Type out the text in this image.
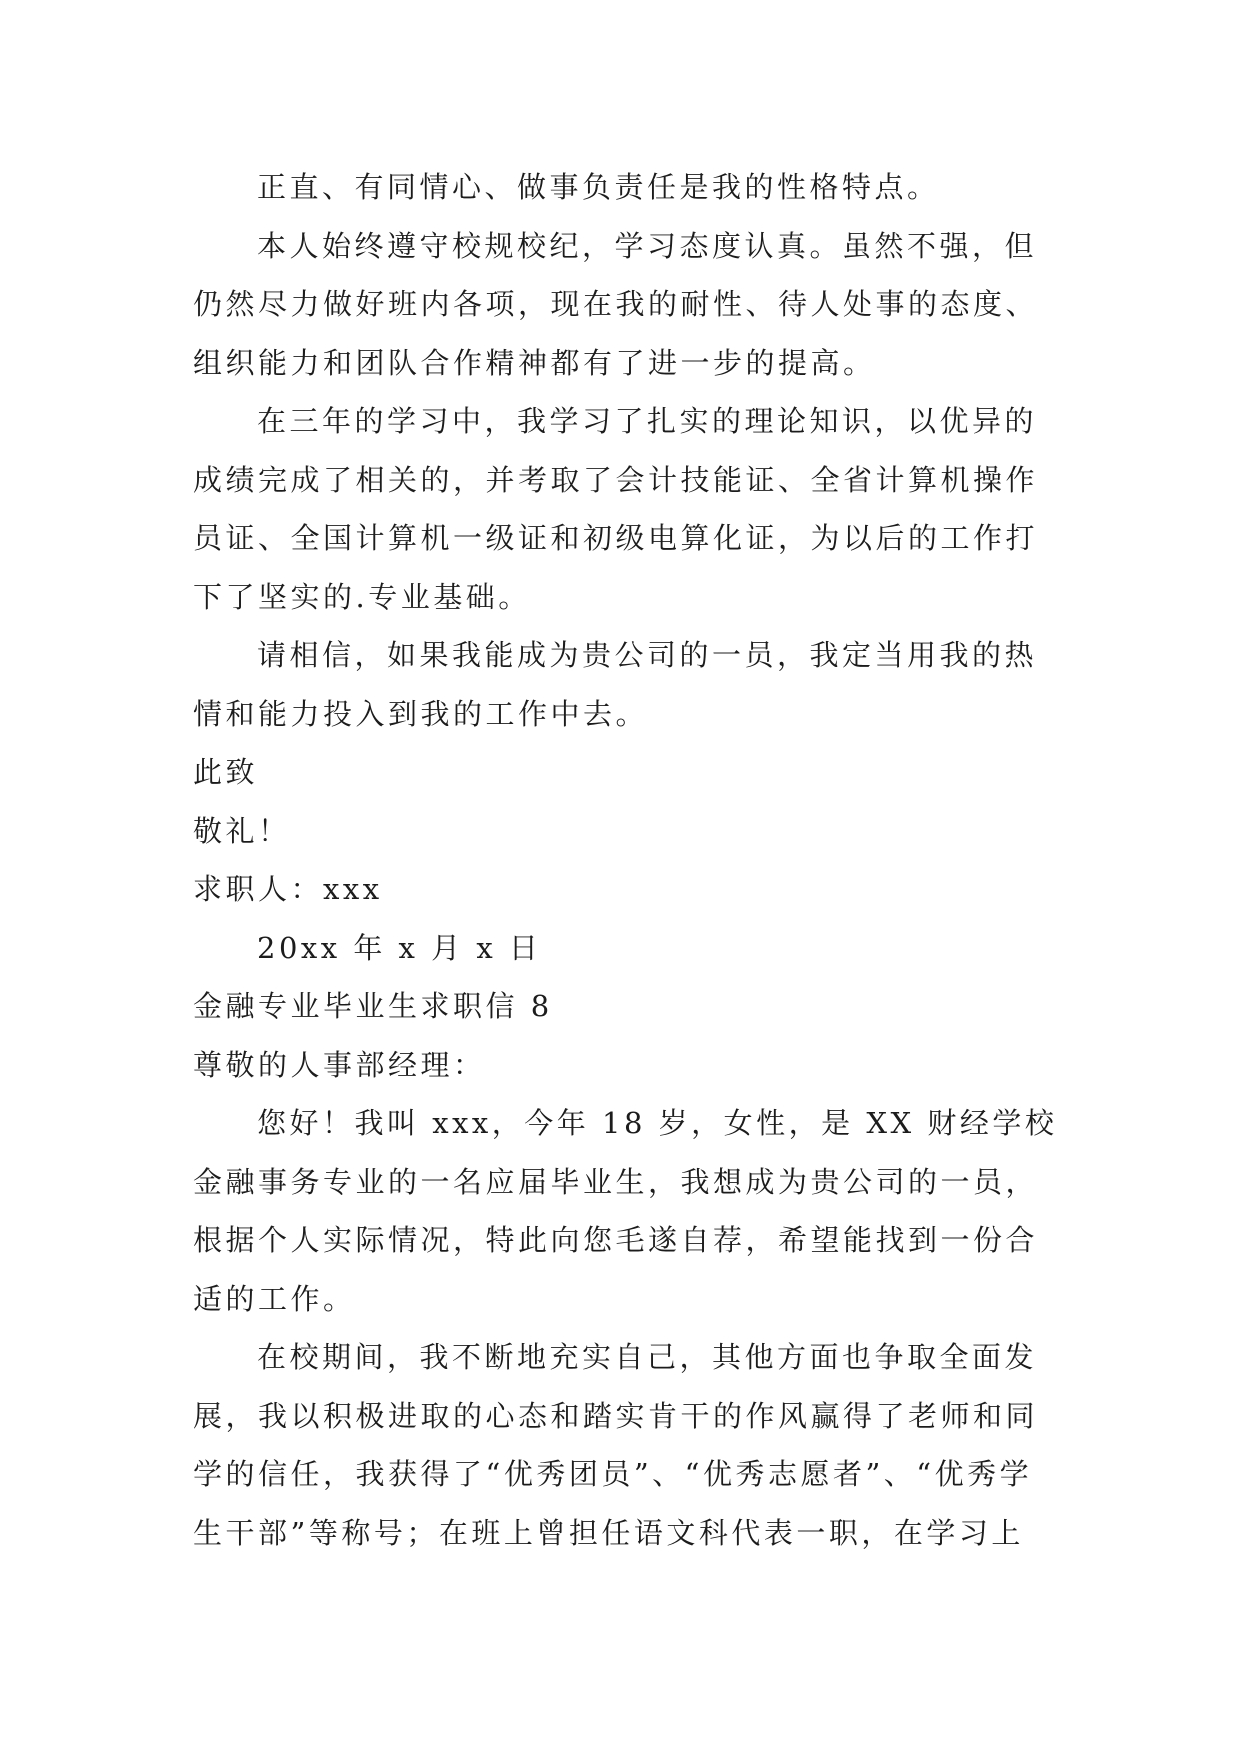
正直、有同情心、做事负责任是我的性格特点。

本人始终遵守校规校纪，学习态度认真。虽然不强，但仍然尽力做好班内各项，现在我的耐性、待人处事的态度、组织能力和团队合作精神都有了进一步的提高。

在三年的学习中，我学习了扎实的理论知识，以优异的成绩完成了相关的，并考取了会计技能证、全省计算机操作员证、全国计算机一级证和初级电算化证，为以后的工作打下了坚实的.专业基础。

请相信，如果我能成为贵公司的一员，我定当用我的热情和能力投入到我的工作中去。

此致

敬礼！

求职人：xxx

20xx 年 x 月 x 日

金融专业毕业生求职信 8

尊敬的人事部经理：

您好！我叫 xxx，今年 18 岁，女性，是 XX 财经学校金融事务专业的一名应届毕业生，我想成为贵公司的一员，根据个人实际情况，特此向您毛遂自荐，希望能找到一份合适的工作。

在校期间，我不断地充实自己，其他方面也争取全面发展，我以积极进取的心态和踏实肯干的作风赢得了老师和同学的信任，我获得了“优秀团员”、“优秀志愿者”、“优秀学生干部”等称号；在班上曾担任语文科代表一职，在学习上
